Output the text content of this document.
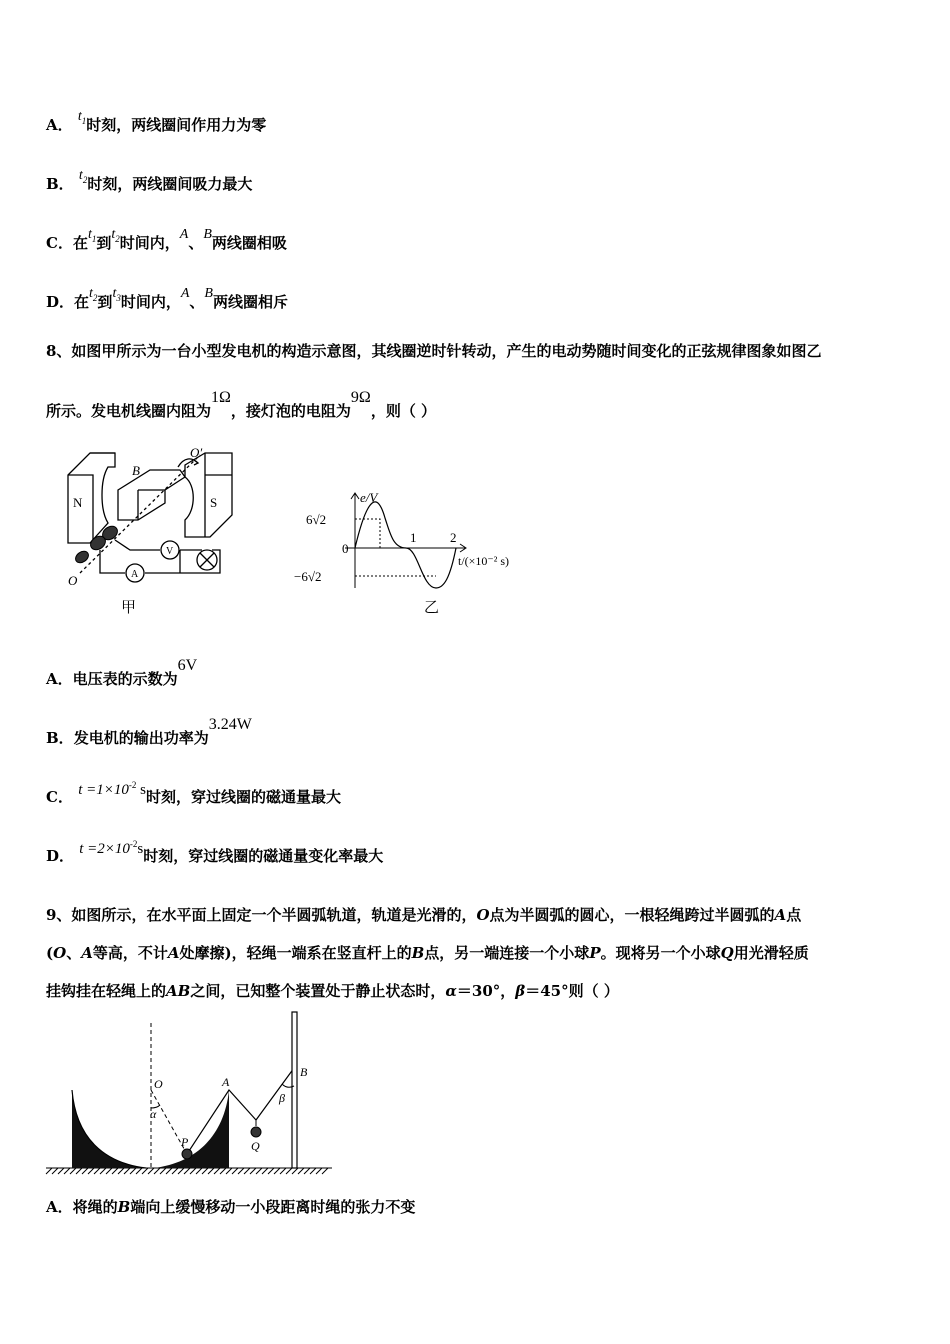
A． $t_1$时刻，两线圈间作用力为零
B． $t_2$时刻，两线圈间吸力最大
C．在$t_1$到$t_2$时间内，A、B两线圈相吸
D．在$t_2$到$t_3$时间内，A、B两线圈相斥
8、如图甲所示为一台小型发电机的构造示意图，其线圈逆时针转动，产生的电动势随时间变化的正弦规律图象如图乙
所示。发电机线圈内阻为1Ω，接灯泡的电阻为9Ω，则（ ）
N	S
B
O
O′
V
A
甲
e/V
6√2
0
−6√2
1	2
t/(×10⁻² s)
乙
A．电压表的示数为6V
B．发电机的输出功率为3.24W
C． $t =1\times 10^{-2}$ s时刻，穿过线圈的磁通量最大
D． $t =2\times 10^{-2}s$时刻，穿过线圈的磁通量变化率最大
9、如图所示，在水平面上固定一个半圆弧轨道，轨道是光滑的，O点为半圆弧的圆心，一根轻绳跨过半圆弧的A点
(O、A等高，不计A处摩擦)，轻绳一端系在竖直杆上的B点，另一端连接一个小球P。现将另一个小球Q用光滑轻质
挂钩挂在轻绳上的AB之间，已知整个装置处于静止状态时，α＝30°，β＝45°则（ ）
O	A
B
P	Q
α
β
A．将绳的B端向上缓慢移动一小段距离时绳的张力不变
